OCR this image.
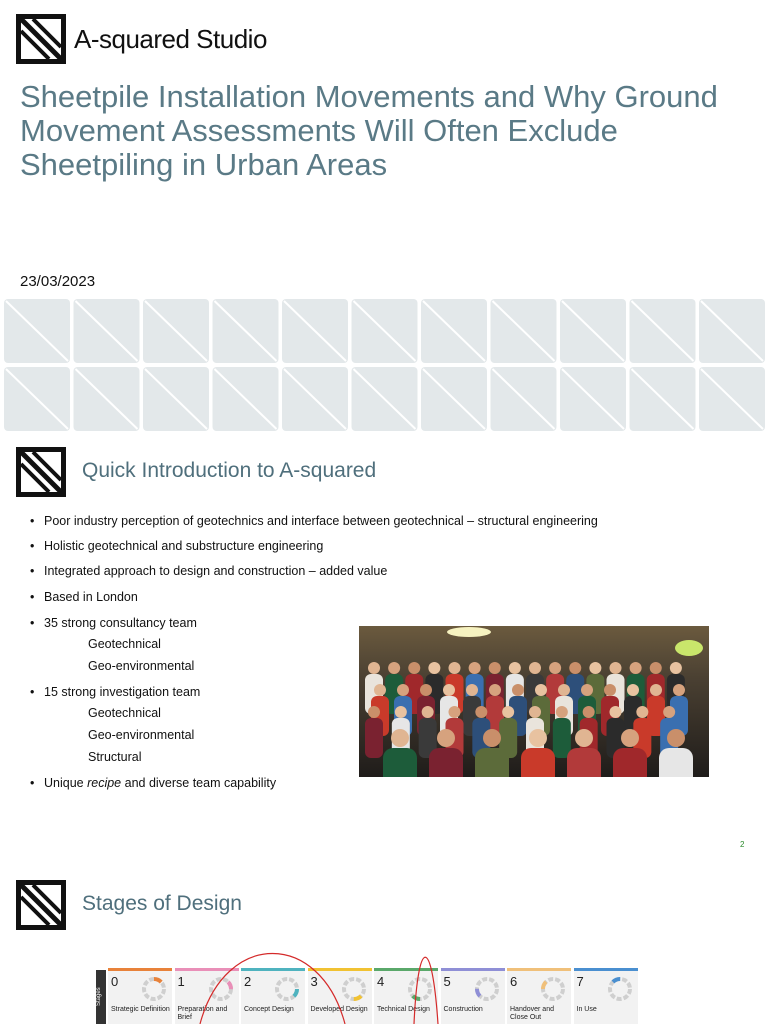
A-squared Studio
Sheetpile Installation Movements and Why Ground Movement Assessments Will Often Exclude Sheetpiling in Urban Areas
23/03/2023
Quick Introduction to A-squared
• Poor industry perception of geotechnics and interface between geotechnical – structural engineering
• Holistic geotechnical and substructure engineering
• Integrated approach to design and construction – added value
• Based in London
• 35 strong consultancy team
Geotechnical
Geo-environmental
• 15 strong investigation team
Geotechnical
Geo-environmental
Structural
• Unique recipe and diverse team capability
2
Stages of Design
Stages
0
Strategic Definition
1
Preparation and Brief
2
Concept Design
3
Developed Design
4
Technical Design
5
Construction
6
Handover and Close Out
7
In Use
